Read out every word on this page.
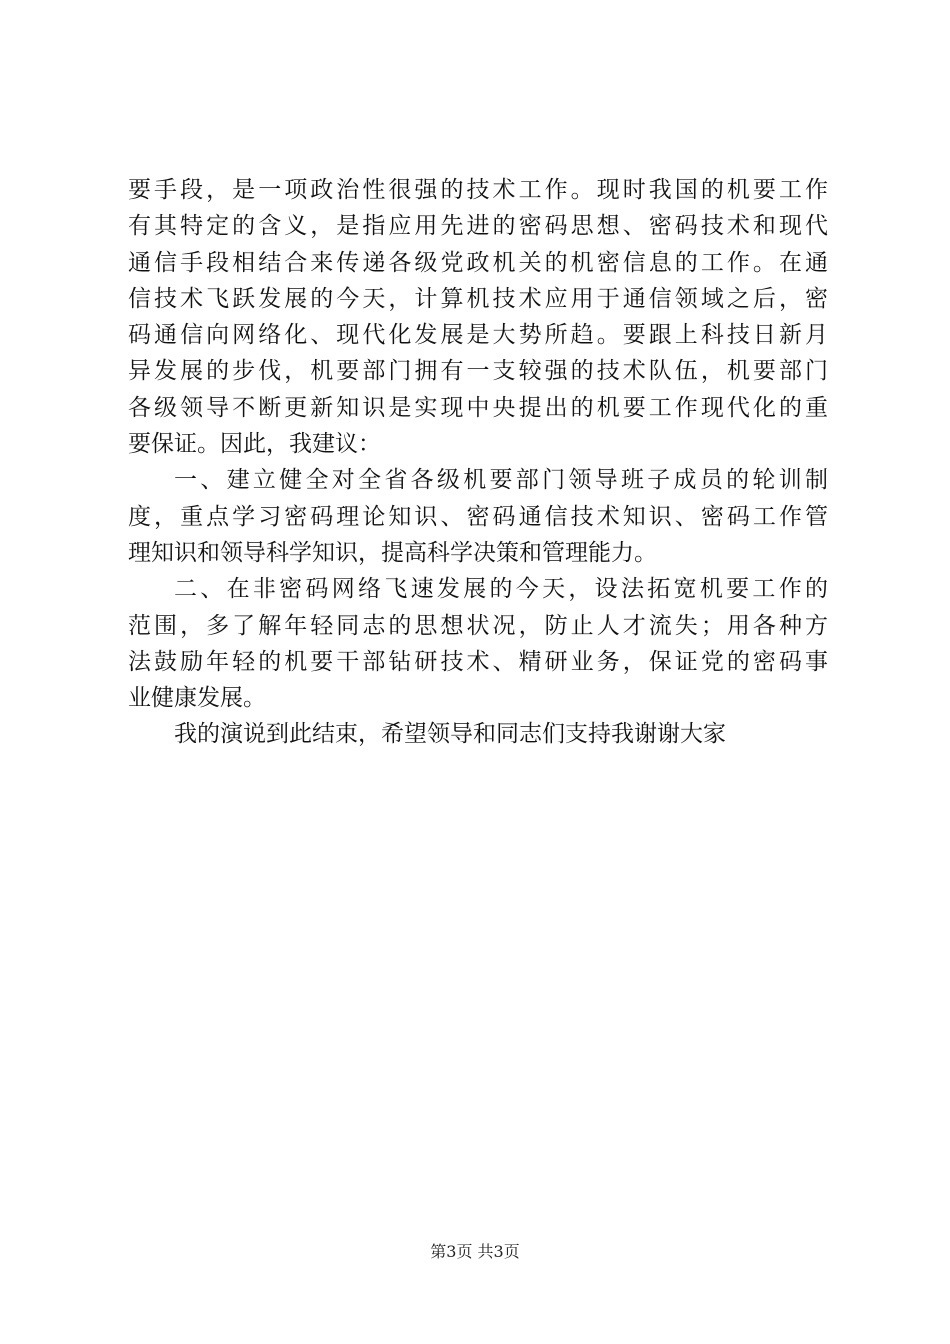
要手段，是一项政治性很强的技术工作。现时我国的机要工作
有其特定的含义，是指应用先进的密码思想、密码技术和现代
通信手段相结合来传递各级党政机关的机密信息的工作。在通
信技术飞跃发展的今天，计算机技术应用于通信领域之后，密
码通信向网络化、现代化发展是大势所趋。要跟上科技日新月
异发展的步伐，机要部门拥有一支较强的技术队伍，机要部门
各级领导不断更新知识是实现中央提出的机要工作现代化的重
要保证。因此，我建议：
一、建立健全对全省各级机要部门领导班子成员的轮训制
度，重点学习密码理论知识、密码通信技术知识、密码工作管
理知识和领导科学知识，提高科学决策和管理能力。
二、在非密码网络飞速发展的今天，设法拓宽机要工作的
范围，多了解年轻同志的思想状况，防止人才流失；用各种方
法鼓励年轻的机要干部钻研技术、精研业务，保证党的密码事
业健康发展。
我的演说到此结束，希望领导和同志们支持我谢谢大家
第3页 共3页
